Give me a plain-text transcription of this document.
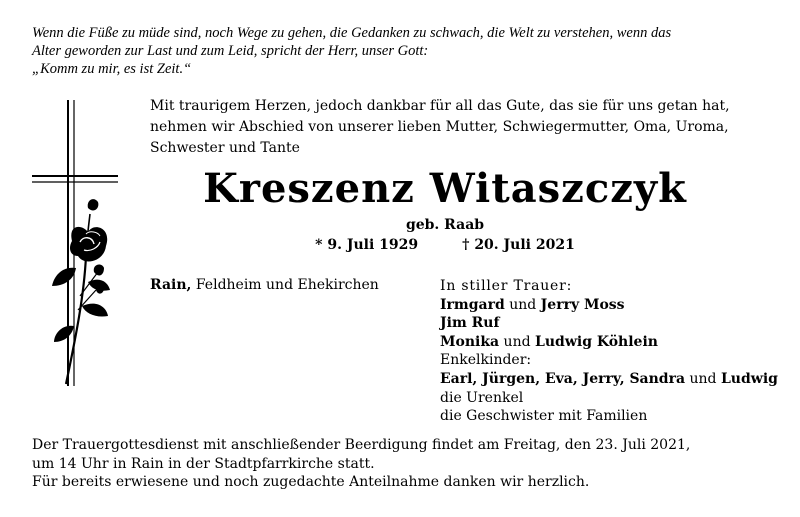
Wenn die Füße zu müde sind, noch Wege zu gehen, die Gedanken zu schwach, die Welt zu verstehen, wenn das
Alter geworden zur Last und zum Leid, spricht der Herr, unser Gott:
„Komm zu mir, es ist Zeit.“
Mit traurigem Herzen, jedoch dankbar für all das Gute, das sie für uns getan hat,
nehmen wir Abschied von unserer lieben Mutter, Schwiegermutter, Oma, Uroma,
Schwester und Tante
Kreszenz Witaszczyk
geb. Raab
* 9. Juli 1929	† 20. Juli 2021
Rain, Feldheim und Ehekirchen	In stiller Trauer:
Irmgard und Jerry Moss
Jim Ruf
Monika und Ludwig Köhlein
Enkelkinder:
Earl, Jürgen, Eva, Jerry, Sandra und Ludwig
die Urenkel
die Geschwister mit Familien
Der Trauergottesdienst mit anschließender Beerdigung findet am Freitag, den 23. Juli 2021,
um 14 Uhr in Rain in der Stadtpfarrkirche statt.
Für bereits erwiesene und noch zugedachte Anteilnahme danken wir herzlich.
